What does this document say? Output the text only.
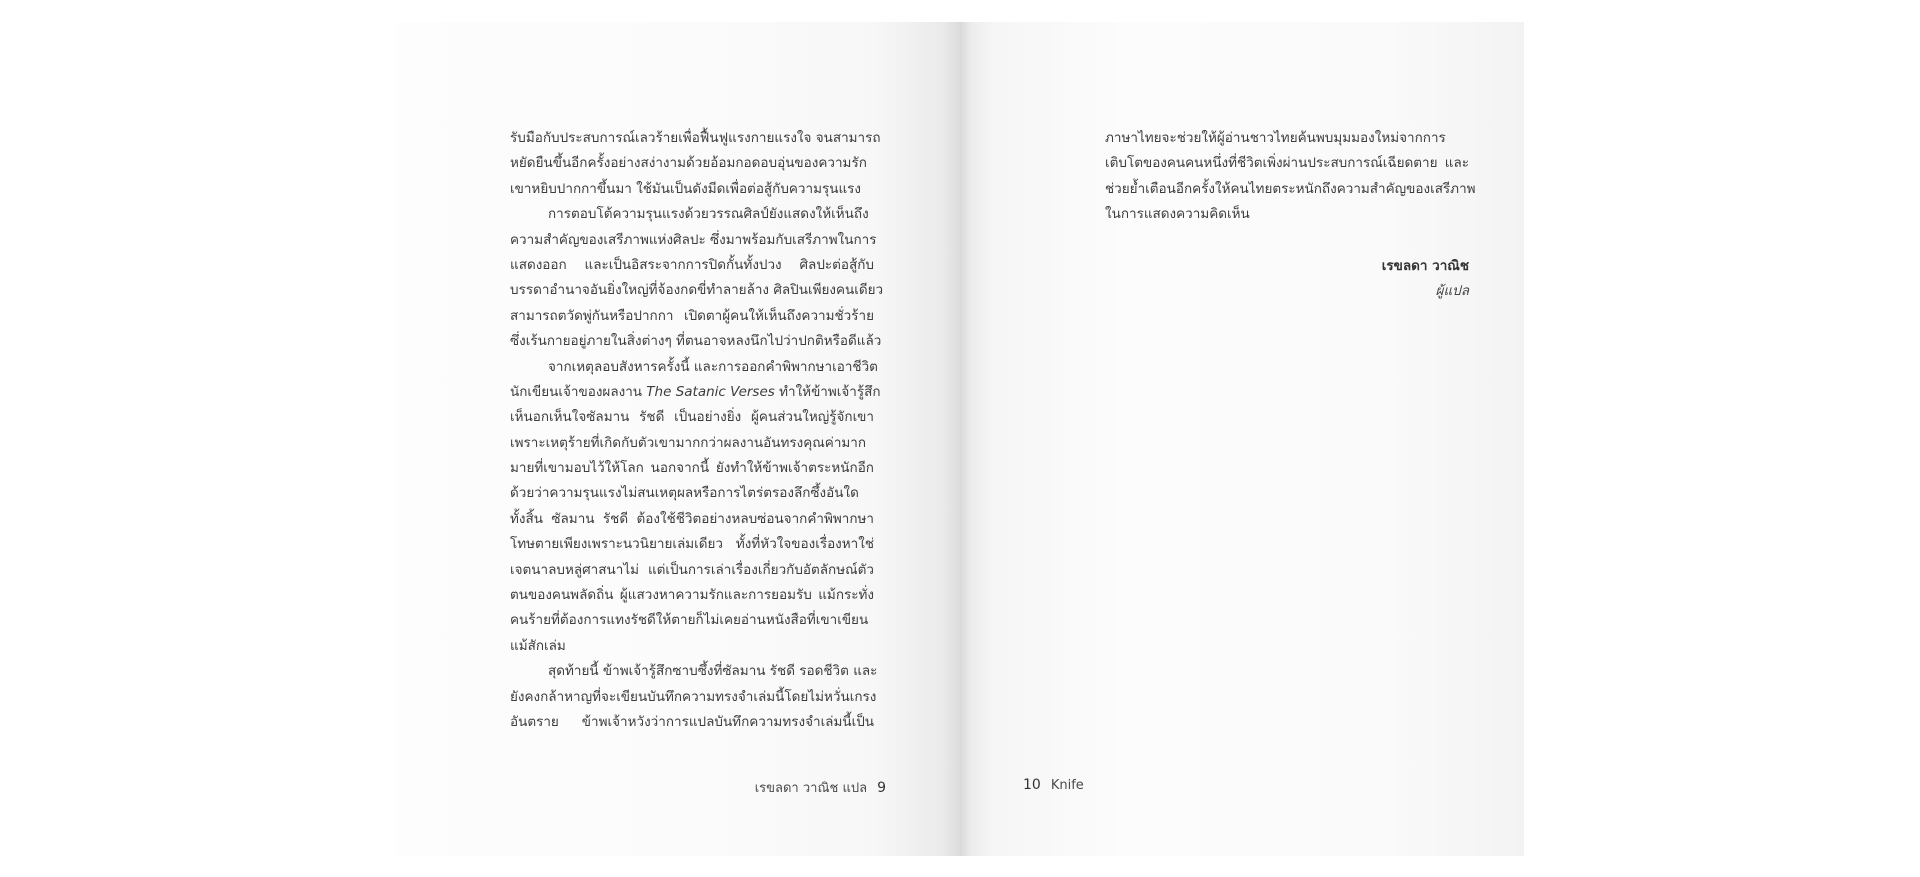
รับมือกับประสบการณ์เลวร้ายเพื่อฟื้นฟูแรงกายแรงใจ จนสามารถ
หยัดยืนขึ้นอีกครั้งอย่างสง่างามด้วยอ้อมกอดอบอุ่นของความรัก
เขาหยิบปากกาขึ้นมา ใช้มันเป็นดังมีดเพื่อต่อสู้กับความรุนแรง
การตอบโต้ความรุนแรงด้วยวรรณศิลป์ยังแสดงให้เห็นถึง
ความสำคัญของเสรีภาพแห่งศิลปะ ซึ่งมาพร้อมกับเสรีภาพในการ
แสดงออก และเป็นอิสระจากการปิดกั้นทั้งปวง ศิลปะต่อสู้กับ
บรรดาอำนาจอันยิ่งใหญ่ที่จ้องกดขี่ทำลายล้าง ศิลปินเพียงคนเดียว
สามารถตวัดพู่กันหรือปากกา เปิดตาผู้คนให้เห็นถึงความชั่วร้าย
ซึ่งเร้นกายอยู่ภายในสิ่งต่างๆ ที่ตนอาจหลงนึกไปว่าปกติหรือดีแล้ว
จากเหตุลอบสังหารครั้งนี้ และการออกคำพิพากษาเอาชีวิต
นักเขียนเจ้าของผลงาน The Satanic Verses ทำให้ข้าพเจ้ารู้สึก
เห็นอกเห็นใจซัลมาน รัชดี เป็นอย่างยิ่ง ผู้คนส่วนใหญ่รู้จักเขา
เพราะเหตุร้ายที่เกิดกับตัวเขามากกว่าผลงานอันทรงคุณค่ามาก
มายที่เขามอบไว้ให้โลก นอกจากนี้ ยังทำให้ข้าพเจ้าตระหนักอีก
ด้วยว่าความรุนแรงไม่สนเหตุผลหรือการไตร่ตรองลึกซึ้งอันใด
ทั้งสิ้น ซัลมาน รัชดี ต้องใช้ชีวิตอย่างหลบซ่อนจากคำพิพากษา
โทษตายเพียงเพราะนวนิยายเล่มเดียว ทั้งที่หัวใจของเรื่องหาใช่
เจตนาลบหลู่ศาสนาไม่ แต่เป็นการเล่าเรื่องเกี่ยวกับอัตลักษณ์ตัว
ตนของคนพลัดถิ่น ผู้แสวงหาความรักและการยอมรับ แม้กระทั่ง
คนร้ายที่ต้องการแทงรัชดีให้ตายก็ไม่เคยอ่านหนังสือที่เขาเขียน
แม้สักเล่ม
สุดท้ายนี้ ข้าพเจ้ารู้สึกซาบซึ้งที่ซัลมาน รัชดี รอดชีวิต และ
ยังคงกล้าหาญที่จะเขียนบันทึกความทรงจำเล่มนี้โดยไม่หวั่นเกรง
อันตราย ข้าพเจ้าหวังว่าการแปลบันทึกความทรงจำเล่มนี้เป็น
เรขลดา วาณิช แปล 9
ภาษาไทยจะช่วยให้ผู้อ่านชาวไทยค้นพบมุมมองใหม่จากการ
เติบโตของคนคนหนึ่งที่ชีวิตเพิ่งผ่านประสบการณ์เฉียดตาย และ
ช่วยย้ำเตือนอีกครั้งให้คนไทยตระหนักถึงความสำคัญของเสรีภาพ
ในการแสดงความคิดเห็น
เรขลดา วาณิช
ผู้แปล
10 Knife
